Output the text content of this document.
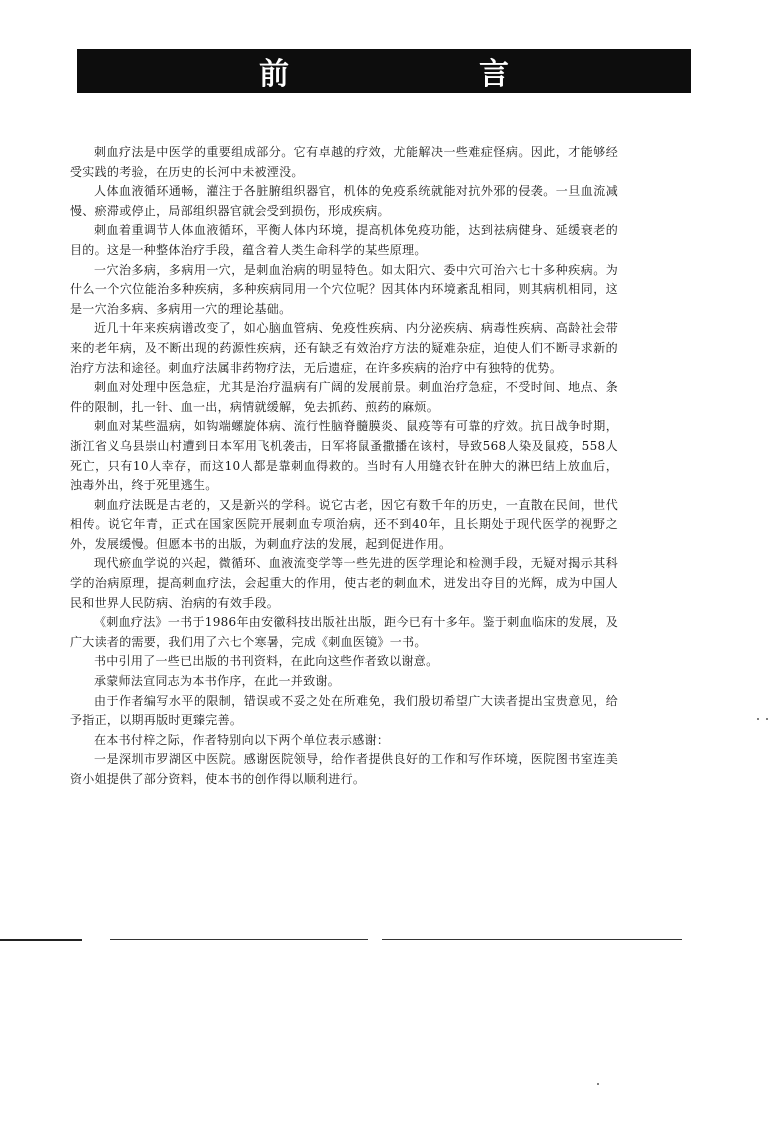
前　言

刺血疗法是中医学的重要组成部分。它有卓越的疗效，尤能解决一些难症怪病。因此，才能够经受实践的考验，在历史的长河中未被湮没。

人体血液循环通畅，灌注于各脏腑组织器官，机体的免疫系统就能对抗外邪的侵袭。一旦血流减慢、瘀滞或停止，局部组织器官就会受到损伤，形成疾病。

刺血着重调节人体血液循环，平衡人体内环境，提高机体免疫功能，达到祛病健身、延缓衰老的目的。这是一种整体治疗手段，蕴含着人类生命科学的某些原理。

一穴治多病，多病用一穴，是刺血治病的明显特色。如太阳穴、委中穴可治六七十多种疾病。为什么一个穴位能治多种疾病，多种疾病同用一个穴位呢？因其体内环境紊乱相同，则其病机相同，这是一穴治多病、多病用一穴的理论基础。

近几十年来疾病谱改变了，如心脑血管病、免疫性疾病、内分泌疾病、病毒性疾病、高龄社会带来的老年病，及不断出现的药源性疾病，还有缺乏有效治疗方法的疑难杂症，迫使人们不断寻求新的治疗方法和途径。刺血疗法属非药物疗法，无后遗症，在许多疾病的治疗中有独特的优势。

刺血对处理中医急症，尤其是治疗温病有广阔的发展前景。刺血治疗急症，不受时间、地点、条件的限制，扎一针、血一出，病情就缓解，免去抓药、煎药的麻烦。

刺血对某些温病，如钩端螺旋体病、流行性脑脊髓膜炎、鼠疫等有可靠的疗效。抗日战争时期，浙江省义乌县崇山村遭到日本军用飞机袭击，日军将鼠蚤撒播在该村，导致568人染及鼠疫，558人死亡，只有10人幸存，而这10人都是靠刺血得救的。当时有人用缝衣针在肿大的淋巴结上放血后，浊毒外出，终于死里逃生。

刺血疗法既是古老的，又是新兴的学科。说它古老，因它有数千年的历史，一直散在民间，世代相传。说它年青，正式在国家医院开展刺血专项治病，还不到40年，且长期处于现代医学的视野之外，发展缓慢。但愿本书的出版，为刺血疗法的发展，起到促进作用。

现代瘀血学说的兴起，微循环、血液流变学等一些先进的医学理论和检测手段，无疑对揭示其科学的治病原理，提高刺血疗法，会起重大的作用，使古老的刺血术，迸发出夺目的光辉，成为中国人民和世界人民防病、治病的有效手段。

《刺血疗法》一书于1986年由安徽科技出版社出版，距今已有十多年。鉴于刺血临床的发展，及广大读者的需要，我们用了六七个寒暑，完成《刺血医镜》一书。

书中引用了一些已出版的书刊资料，在此向这些作者致以谢意。

承蒙师法宣同志为本书作序，在此一并致谢。

由于作者编写水平的限制，错误或不妥之处在所难免，我们殷切希望广大读者提出宝贵意见，给予指正，以期再版时更臻完善。

在本书付梓之际，作者特别向以下两个单位表示感谢：

一是深圳市罗湖区中医院。感谢医院领导，给作者提供良好的工作和写作环境，医院图书室连美资小姐提供了部分资料，使本书的创作得以顺利进行。
